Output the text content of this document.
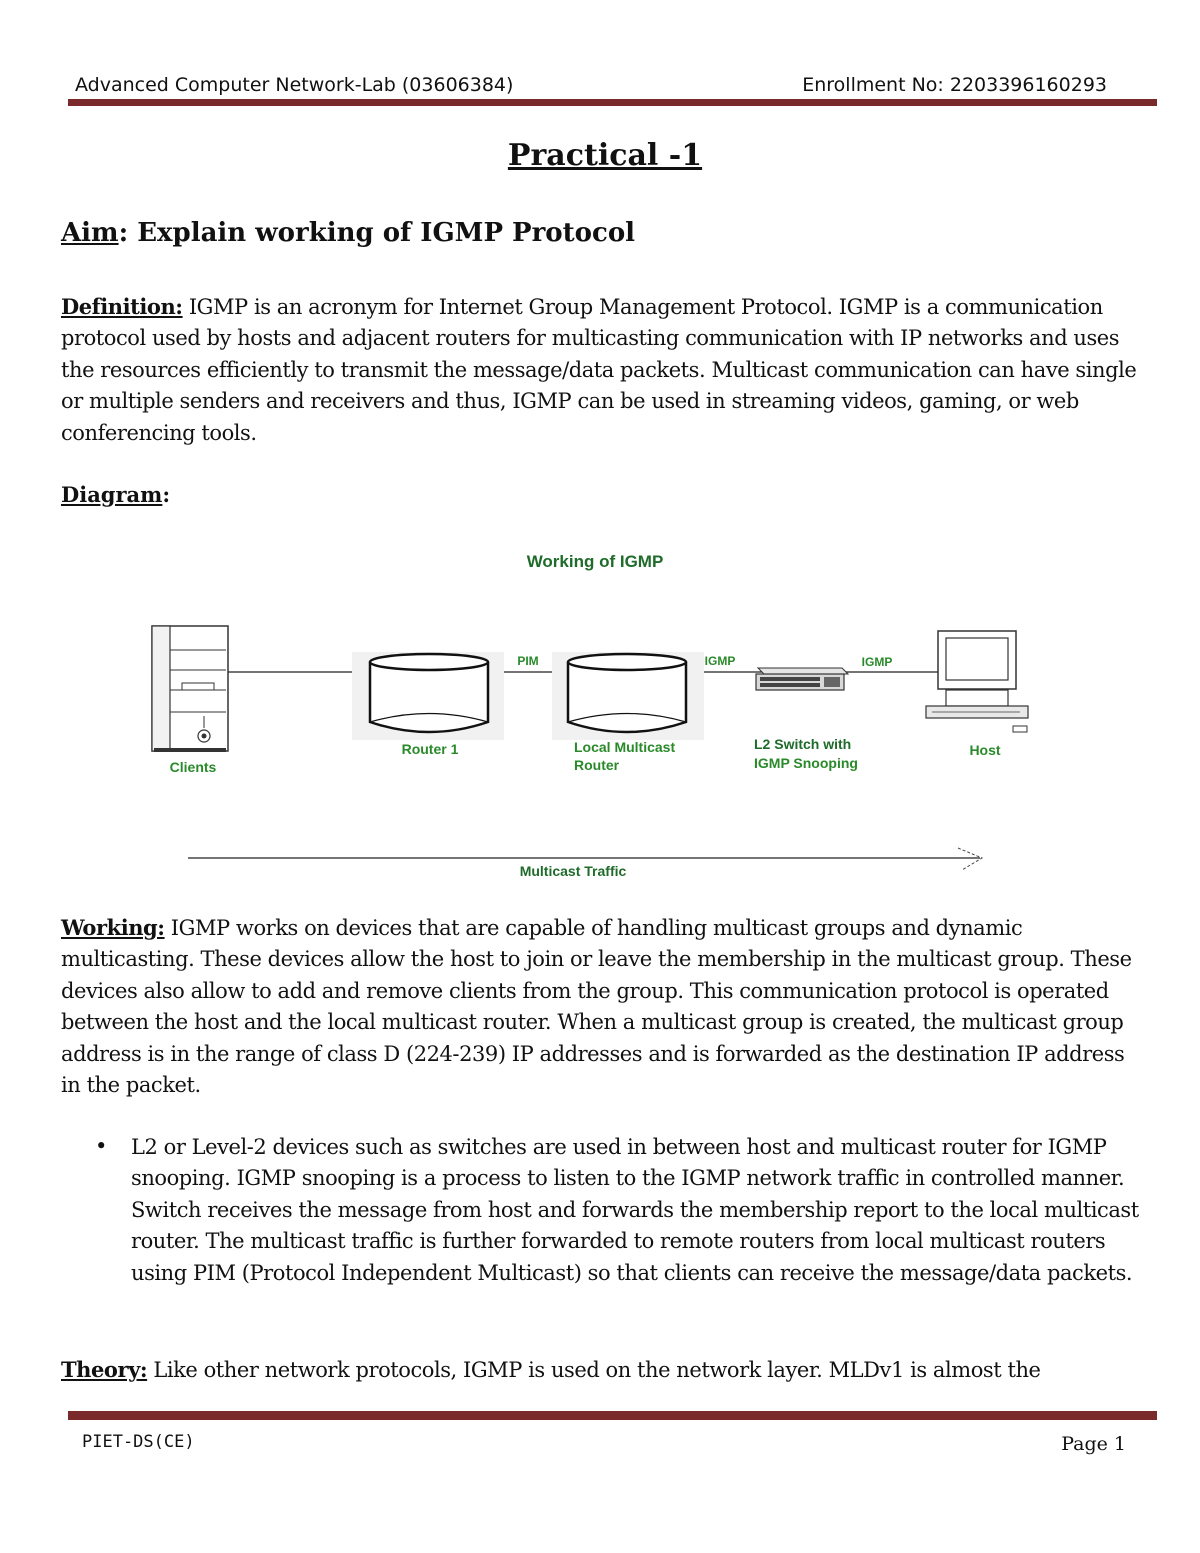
Advanced Computer Network-Lab (03606384)	Enrollment No: 2203396160293
Practical -1
Aim: Explain working of IGMP Protocol
Definition: IGMP is an acronym for Internet Group Management Protocol. IGMP is a communication protocol used by hosts and adjacent routers for multicasting communication with IP networks and uses the resources efficiently to transmit the message/data packets. Multicast communication can have single or multiple senders and receivers and thus, IGMP can be used in streaming videos, gaming, or web conferencing tools.
Diagram:
Working of IGMP
Clients
Router 1	Local Multicast
Router
PIM	IGMP	IGMP
L2 Switch with
IGMP Snooping
Host
Multicast Traffic
Working: IGMP works on devices that are capable of handling multicast groups and dynamic multicasting. These devices allow the host to join or leave the membership in the multicast group. These devices also allow to add and remove clients from the group. This communication protocol is operated between the host and the local multicast router. When a multicast group is created, the multicast group address is in the range of class D (224-239) IP addresses and is forwarded as the destination IP address in the packet.
• L2 or Level-2 devices such as switches are used in between host and multicast router for IGMP snooping. IGMP snooping is a process to listen to the IGMP network traffic in controlled manner. Switch receives the message from host and forwards the membership report to the local multicast router. The multicast traffic is further forwarded to remote routers from local multicast routers using PIM (Protocol Independent Multicast) so that clients can receive the message/data packets.
Theory: Like other network protocols, IGMP is used on the network layer. MLDv1 is almost the
PIET-DS(CE)	Page 1
